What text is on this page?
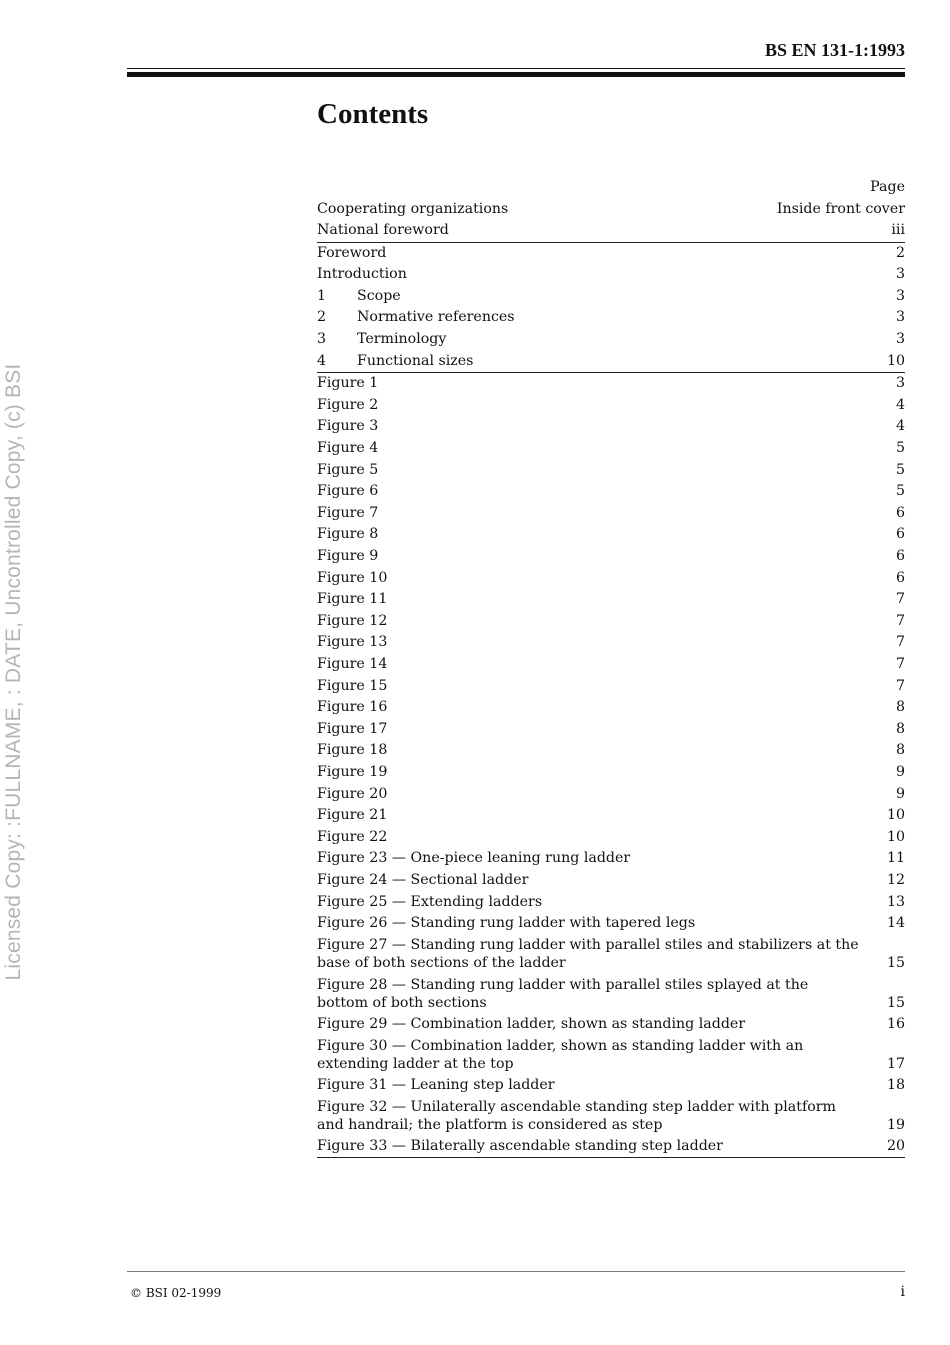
Licensed Copy: :FULLNAME, : DATE, Uncontrolled Copy, (c) BSI
BS EN 131-1:1993
Contents
Page
Cooperating organizations	Inside front cover
National foreword	iii
Foreword	2
Introduction	3
1 Scope	3
2 Normative references	3
3 Terminology	3
4 Functional sizes	10
Figure 1	3
Figure 2	4
Figure 3	4
Figure 4	5
Figure 5	5
Figure 6	5
Figure 7	6
Figure 8	6
Figure 9	6
Figure 10	6
Figure 11	7
Figure 12	7
Figure 13	7
Figure 14	7
Figure 15	7
Figure 16	8
Figure 17	8
Figure 18	8
Figure 19	9
Figure 20	9
Figure 21	10
Figure 22	10
Figure 23 — One-piece leaning rung ladder	11
Figure 24 — Sectional ladder	12
Figure 25 — Extending ladders	13
Figure 26 — Standing rung ladder with tapered legs	14
Figure 27 — Standing rung ladder with parallel stiles and stabilizers at the base of both sections of the ladder	15
Figure 28 — Standing rung ladder with parallel stiles splayed at the bottom of both sections	15
Figure 29 — Combination ladder, shown as standing ladder	16
Figure 30 — Combination ladder, shown as standing ladder with an extending ladder at the top	17
Figure 31 — Leaning step ladder	18
Figure 32 — Unilaterally ascendable standing step ladder with platform and handrail; the platform is considered as step	19
Figure 33 — Bilaterally ascendable standing step ladder	20
© BSI 02-1999	i
